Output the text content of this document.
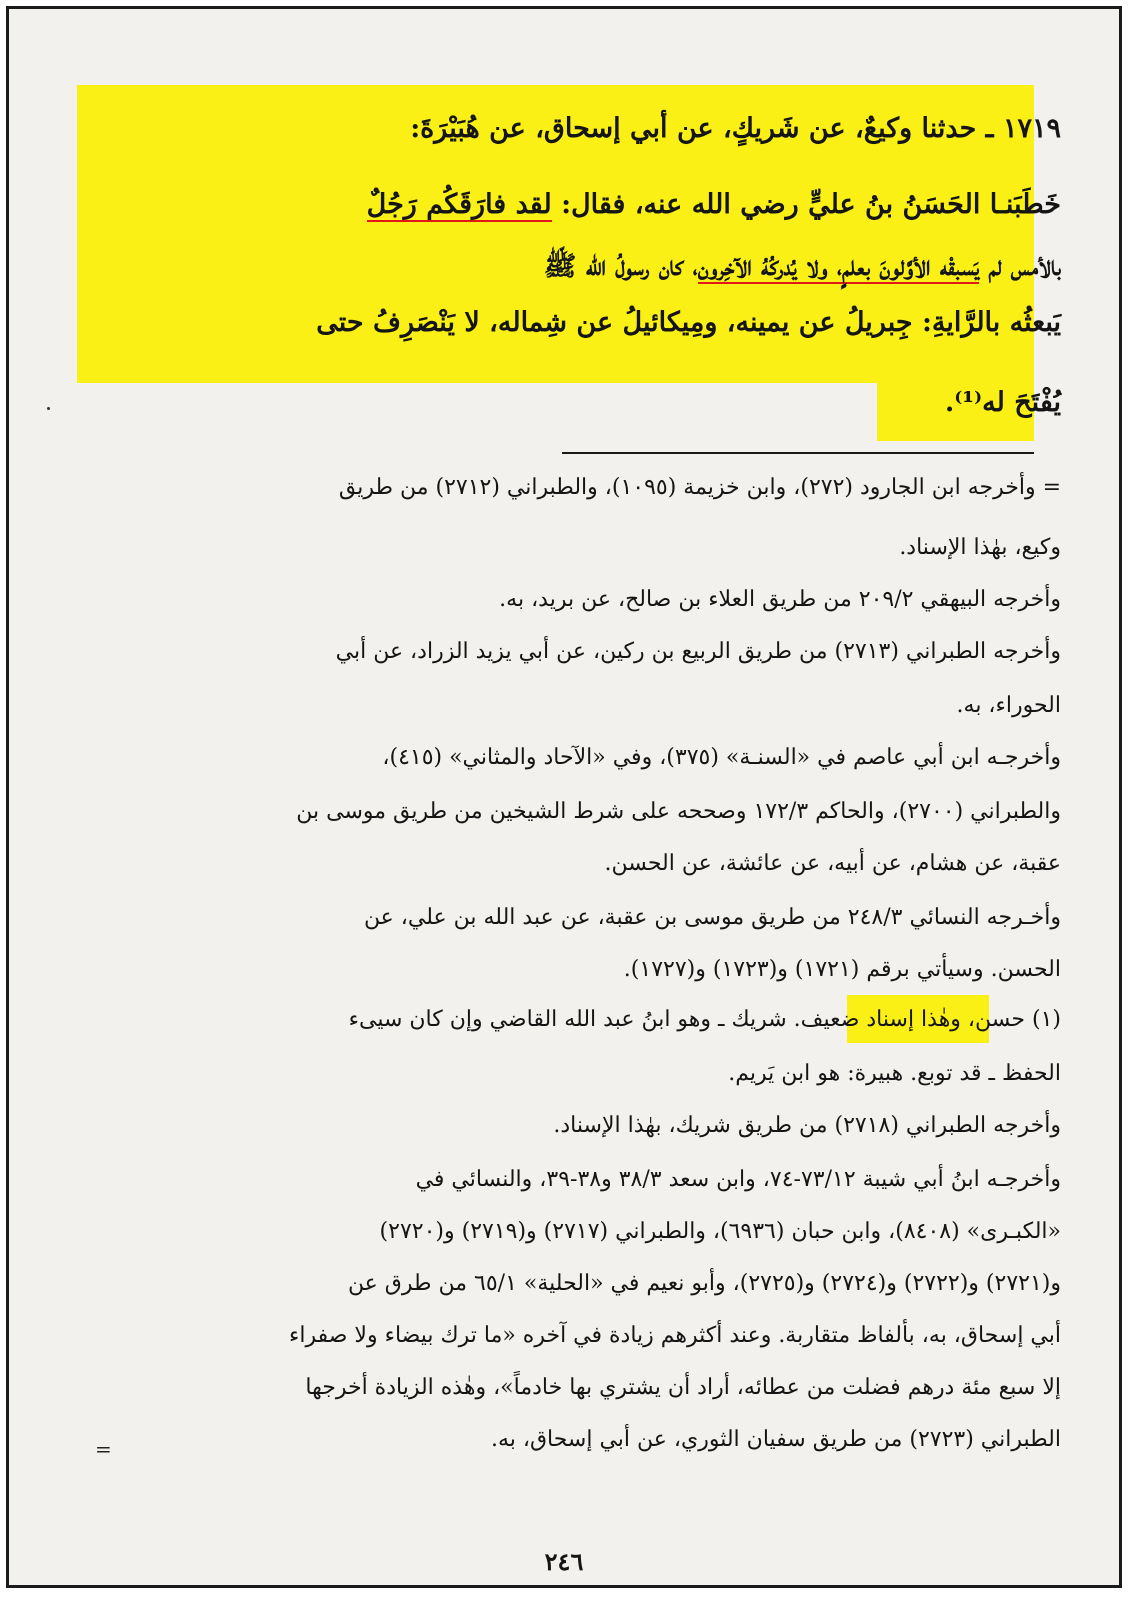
١٧١٩ ـ حدثنا وكيعٌ، عن شَريكٍ، عن أبي إسحاق، عن هُبَيْرَةَ:
خَطَبَنـا الحَسَنُ بنُ عليٍّ رضي الله عنه، فقال: لقد فارَقَكُم رَجُلٌ
بالأمس لم يَسبقْه الأوَّلونَ بعلمٍ، ولا يُدركُهُ الآخِرون، كان رسولُ الله ﷺ
يَبعثُه بالرَّايةِ: جِبريلُ عن يمينه، ومِيكائيلُ عن شِماله، لا يَنْصَرِفُ حتى
يُفْتَحَ له⁽¹⁾.
= وأخرجه ابن الجارود (٢٧٢)، وابن خزيمة (١٠٩٥)، والطبراني (٢٧١٢) من طريق
وكيع، بهٰذا الإسناد.
وأخرجه البيهقي ٢٠٩/٢ من طريق العلاء بن صالح، عن بريد، به.
وأخرجه الطبراني (٢٧١٣) من طريق الربيع بن ركين، عن أبي يزيد الزراد، عن أبي
الحوراء، به.
وأخرجـه ابن أبي عاصم في «السنـة» (٣٧٥)، وفي «الآحاد والمثاني» (٤١٥)،
والطبراني (٢٧٠٠)، والحاكم ١٧٢/٣ وصححه على شرط الشيخين من طريق موسى بن
عقبة، عن هشام، عن أبيه، عن عائشة، عن الحسن.
وأخـرجه النسائي ٢٤٨/٣ من طريق موسى بن عقبة، عن عبد الله بن علي، عن
الحسن. وسيأتي برقم (١٧٢١) و(١٧٢٣) و(١٧٢٧).
(١) حسن، وهٰذا إسناد ضعيف. شريك ـ وهو ابنُ عبد الله القاضي وإن كان سيىء
الحفظ ـ قد توبع. هبيرة: هو ابن يَريم.
وأخرجه الطبراني (٢٧١٨) من طريق شريك، بهٰذا الإسناد.
وأخرجـه ابنُ أبي شيبة ٧٣/١٢-٧٤، وابن سعد ٣٨/٣ و٣٨-٣٩، والنسائي في
«الكبـرى» (٨٤٠٨)، وابن حبان (٦٩٣٦)، والطبراني (٢٧١٧) و(٢٧١٩) و(٢٧٢٠)
و(٢٧٢١) و(٢٧٢٢) و(٢٧٢٤) و(٢٧٢٥)، وأبو نعيم في «الحلية» ٦٥/١ من طرق عن
أبي إسحاق، به، بألفاظ متقاربة. وعند أكثرهم زيادة في آخره «ما ترك بيضاء ولا صفراء
إلا سبع مئة درهم فضلت من عطائه، أراد أن يشتري بها خادماً»، وهٰذه الزيادة أخرجها
الطبراني (٢٧٢٣) من طريق سفيان الثوري، عن أبي إسحاق، به.
=
٢٤٦
